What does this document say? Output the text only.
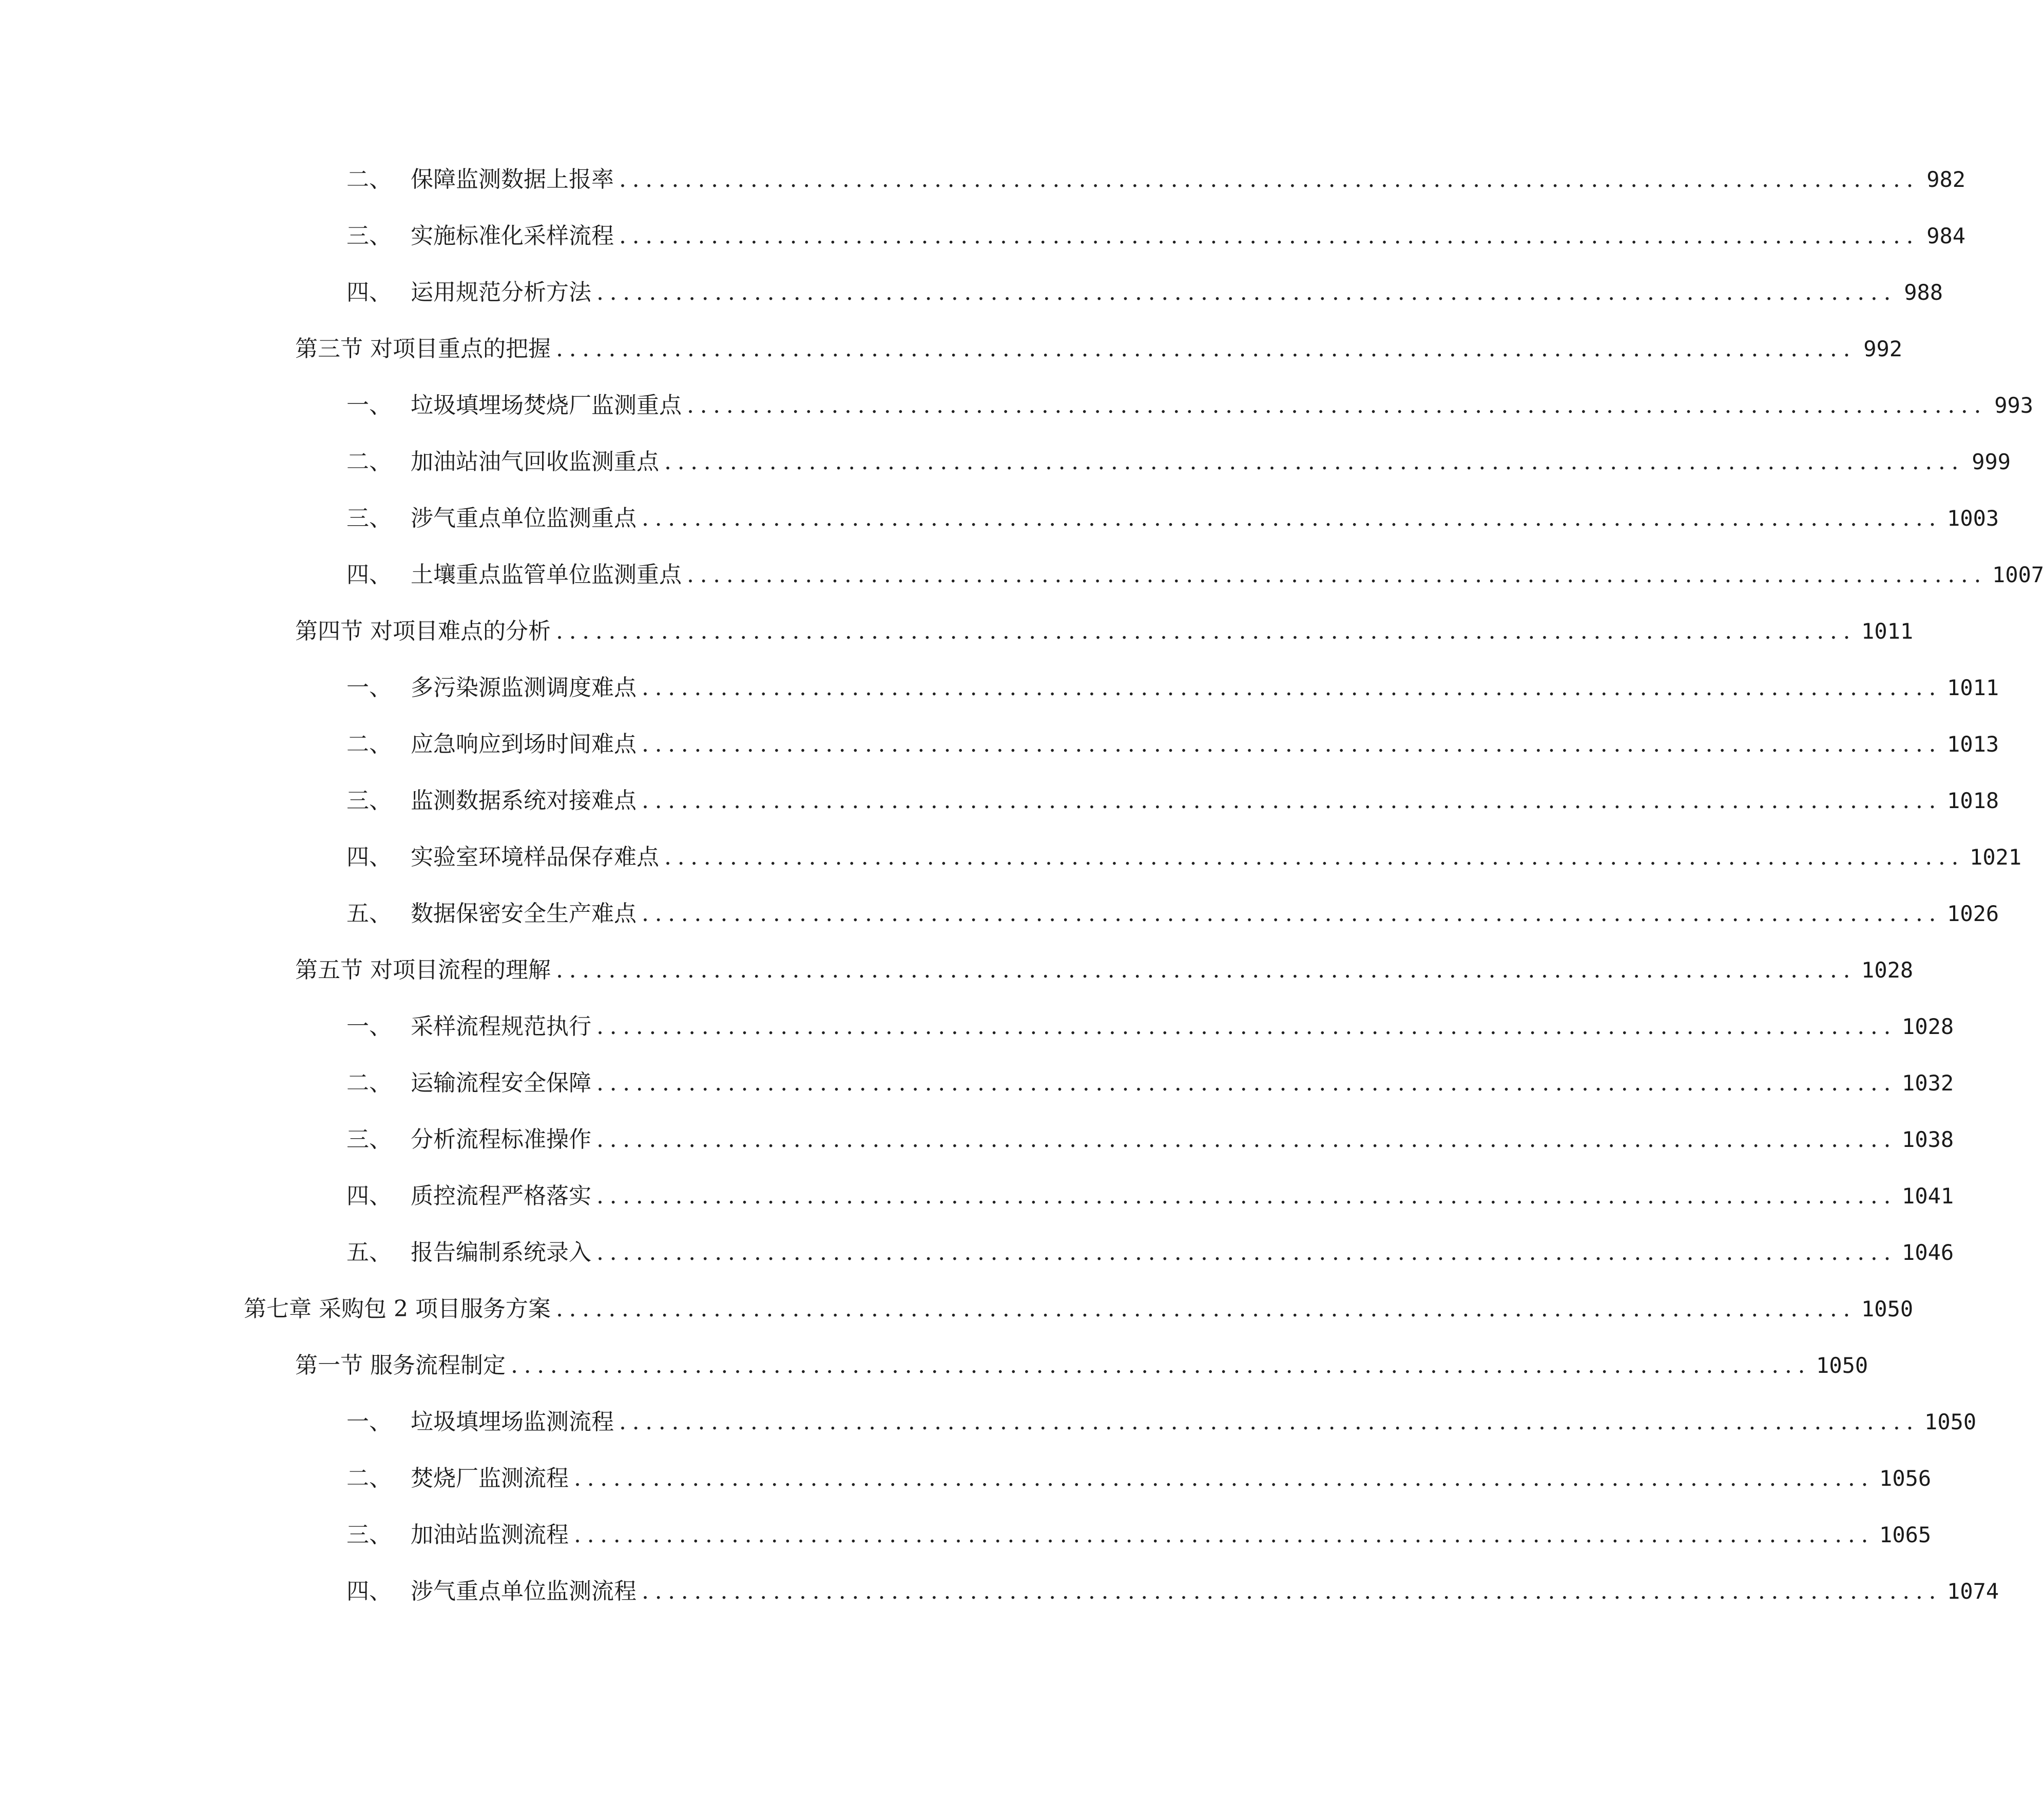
二、 保障监测数据上报率 ................................................................................................... 982
三、 实施标准化采样流程 ................................................................................................... 984
四、 运用规范分析方法 ................................................................................................... 988
第三节 对项目重点的把握 ................................................................................................... 992
一、 垃圾填埋场焚烧厂监测重点 ................................................................................................... 993
二、 加油站油气回收监测重点 ................................................................................................... 999
三、 涉气重点单位监测重点 ................................................................................................... 1003
四、 土壤重点监管单位监测重点 ................................................................................................... 1007
第四节 对项目难点的分析 ................................................................................................... 1011
一、 多污染源监测调度难点 ................................................................................................... 1011
二、 应急响应到场时间难点 ................................................................................................... 1013
三、 监测数据系统对接难点 ................................................................................................... 1018
四、 实验室环境样品保存难点 ................................................................................................... 1021
五、 数据保密安全生产难点 ................................................................................................... 1026
第五节 对项目流程的理解 ................................................................................................... 1028
一、 采样流程规范执行 ................................................................................................... 1028
二、 运输流程安全保障 ................................................................................................... 1032
三、 分析流程标准操作 ................................................................................................... 1038
四、 质控流程严格落实 ................................................................................................... 1041
五、 报告编制系统录入 ................................................................................................... 1046
第七章 采购包 2 项目服务方案 ................................................................................................... 1050
第一节 服务流程制定 ................................................................................................... 1050
一、 垃圾填埋场监测流程 ................................................................................................... 1050
二、 焚烧厂监测流程 ................................................................................................... 1056
三、 加油站监测流程 ................................................................................................... 1065
四、 涉气重点单位监测流程 ................................................................................................... 1074
